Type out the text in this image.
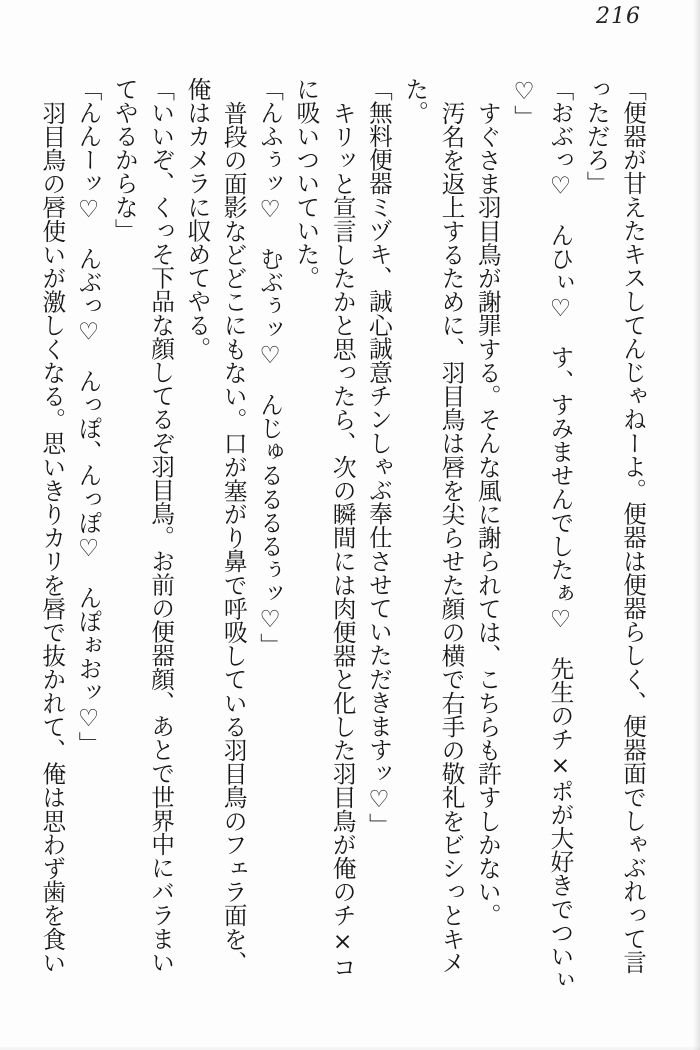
216

「便器が甘えたキスしてんじゃねーよ。便器は便器らしく、便器面でしゃぶれって言

っただろ」

「おぶっ♡　んひぃ♡　す、すみませんでしたぁ♡　先生のチ×ポが大好きでついぃ

♡」

すぐさま羽目鳥が謝罪する。そんな風に謝られては、こちらも許すしかない。

汚名を返上するために、羽目鳥は唇を尖らせた顔の横で右手の敬礼をビシっとキメ

た。

「無料便器ミヅキ、誠心誠意チンしゃぶ奉仕させていただきますッ♡」

キリッと宣言したかと思ったら、次の瞬間には肉便器と化した羽目鳥が俺のチ×コ

に吸いついていた。

「んふぅッ♡　むぶぅッ♡　んじゅるるるるぅッ♡」

普段の面影などどこにもない。口が塞がり鼻で呼吸している羽目鳥のフェラ面を、

俺はカメラに収めてやる。

「いいぞ、くっそ下品な顔してるぞ羽目鳥。お前の便器顔、あとで世界中にバラまい

てやるからな」

「んんーッ♡　んぶっ♡　んっぽ、んっぽ♡　んぽぉおッ♡」

羽目鳥の唇使いが激しくなる。思いきりカリを唇で抜かれて、俺は思わず歯を食い
